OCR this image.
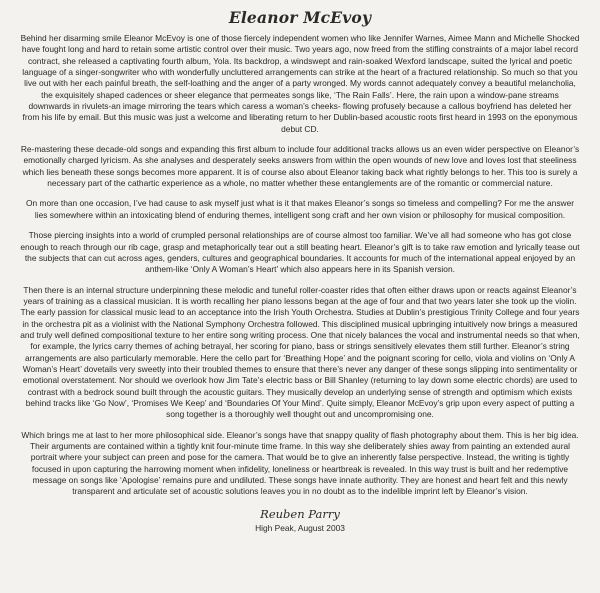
Eleanor McEvoy

Behind her disarming smile Eleanor McEvoy is one of those fiercely independent women who like Jennifer Warnes, Aimee Mann and Michelle Shocked have fought long and hard to retain some artistic control over their music. Two years ago, now freed from the stifling constraints of a major label record contract, she released a captivating fourth album, Yola. Its backdrop, a windswept and rain-soaked Wexford landscape, suited the lyrical and poetic language of a singer-songwriter who with wonderfully uncluttered arrangements can strike at the heart of a fractured relationship. So much so that you live out with her each painful breath, the self-loathing and the anger of a party wronged. My words cannot adequately convey a beautiful melancholia, the exquisitely shaped cadences or sheer elegance that permeates songs like, ‘The Rain Falls’. Here, the rain upon a window-pane streams downwards in rivulets-an image mirroring the tears which caress a woman’s cheeks- flowing profusely because a callous boyfriend has deleted her from his life by email. But this music was just a welcome and liberating return to her Dublin-based acoustic roots first heard in 1993 on the eponymous debut CD.

Re-mastering these decade-old songs and expanding this first album to include four additional tracks allows us an even wider perspective on Eleanor’s emotionally charged lyricism. As she analyses and desperately seeks answers from within the open wounds of new love and loves lost that steeliness which lies beneath these songs becomes more apparent. It is of course also about Eleanor taking back what rightly belongs to her. This too is surely a necessary part of the cathartic experience as a whole, no matter whether these entanglements are of the romantic or commercial nature.

On more than one occasion, I’ve had cause to ask myself just what is it that makes Eleanor’s songs so timeless and compelling? For me the answer lies somewhere within an intoxicating blend of enduring themes, intelligent song craft and her own vision or philosophy for musical composition.

Those piercing insights into a world of crumpled personal relationships are of course almost too familiar. We’ve all had someone who has got close enough to reach through our rib cage, grasp and metaphorically tear out a still beating heart. Eleanor’s gift is to take raw emotion and lyrically tease out the subjects that can cut across ages, genders, cultures and geographical boundaries. It accounts for much of the international appeal enjoyed by an anthem-like ‘Only A Woman’s Heart’ which also appears here in its Spanish version.

Then there is an internal structure underpinning these melodic and tuneful roller-coaster rides that often either draws upon or reacts against Eleanor’s years of training as a classical musician. It is worth recalling her piano lessons began at the age of four and that two years later she took up the violin. The early passion for classical music lead to an acceptance into the Irish Youth Orchestra. Studies at Dublin’s prestigious Trinity College and four years in the orchestra pit as a violinist with the National Symphony Orchestra followed. This disciplined musical upbringing intuitively now brings a measured and truly well defined compositional texture to her entire song writing process. One that nicely balances the vocal and instrumental needs so that when, for example, the lyrics carry themes of aching betrayal, her scoring for piano, bass or strings sensitively elevates them still further. Eleanor’s string arrangements are also particularly memorable. Here the cello part for ‘Breathing Hope’ and the poignant scoring for cello, viola and violins on ‘Only A Woman’s Heart’ dovetails very sweetly into their troubled themes to ensure that there’s never any danger of these songs slipping into sentimentality or emotional overstatement. Nor should we overlook how Jim Tate’s electric bass or Bill Shanley (returning to lay down some electric chords) are used to contrast with a bedrock sound built through the acoustic guitars. They musically develop an underlying sense of strength and optimism which exists behind tracks like ‘Go Now’, ‘Promises We Keep’ and ‘Boundaries Of Your Mind’. Quite simply, Eleanor McEvoy’s grip upon every aspect of putting a song together is a thoroughly well thought out and uncompromising one.

Which brings me at last to her more philosophical side. Eleanor’s songs have that snappy quality of flash photography about them. This is her big idea. Their arguments are contained within a tightly knit four-minute time frame. In this way she deliberately shies away from painting an extended aural portrait where your subject can preen and pose for the camera. That would be to give an inherently false perspective. Instead, the writing is tightly focused in upon capturing the harrowing moment when infidelity, loneliness or heartbreak is revealed. In this way trust is built and her redemptive message on songs like ‘Apologise’ remains pure and undiluted. These songs have innate authority. They are honest and heart felt and this newly transparent and articulate set of acoustic solutions leaves you in no doubt as to the indelible imprint left by Eleanor’s vision.

Reuben Parry
High Peak, August 2003
